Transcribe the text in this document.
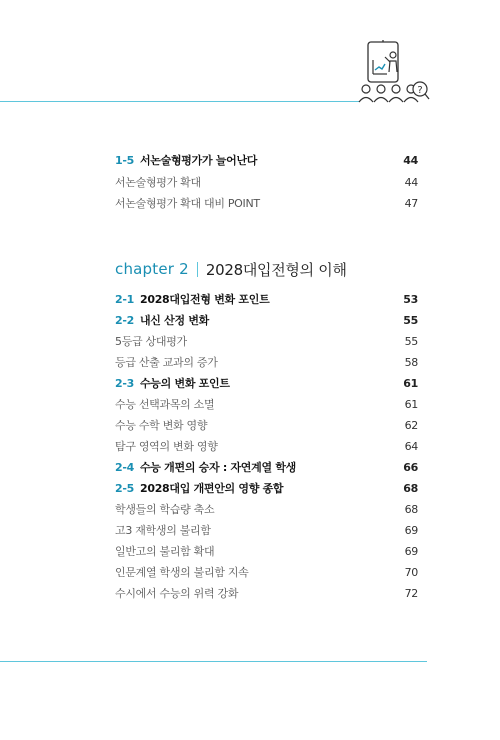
?
1-5 서논술형평가가 늘어난다	44
서논술형평가 확대	44
서논술형평가 확대 대비 POINT	47
chapter 2 2028대입전형의 이해
2-1 2028대입전형 변화 포인트	53
2-2 내신 산정 변화	55
5등급 상대평가	55
등급 산출 교과의 증가	58
2-3 수능의 변화 포인트	61
수능 선택과목의 소멸	61
수능 수학 변화 영향	62
탐구 영역의 변화 영향	64
2-4 수능 개편의 승자 : 자연계열 학생	66
2-5 2028대입 개편안의 영향 종합	68
학생들의 학습량 축소	68
고3 재학생의 불리함	69
일반고의 불리함 확대	69
인문계열 학생의 불리함 지속	70
수시에서 수능의 위력 강화	72
